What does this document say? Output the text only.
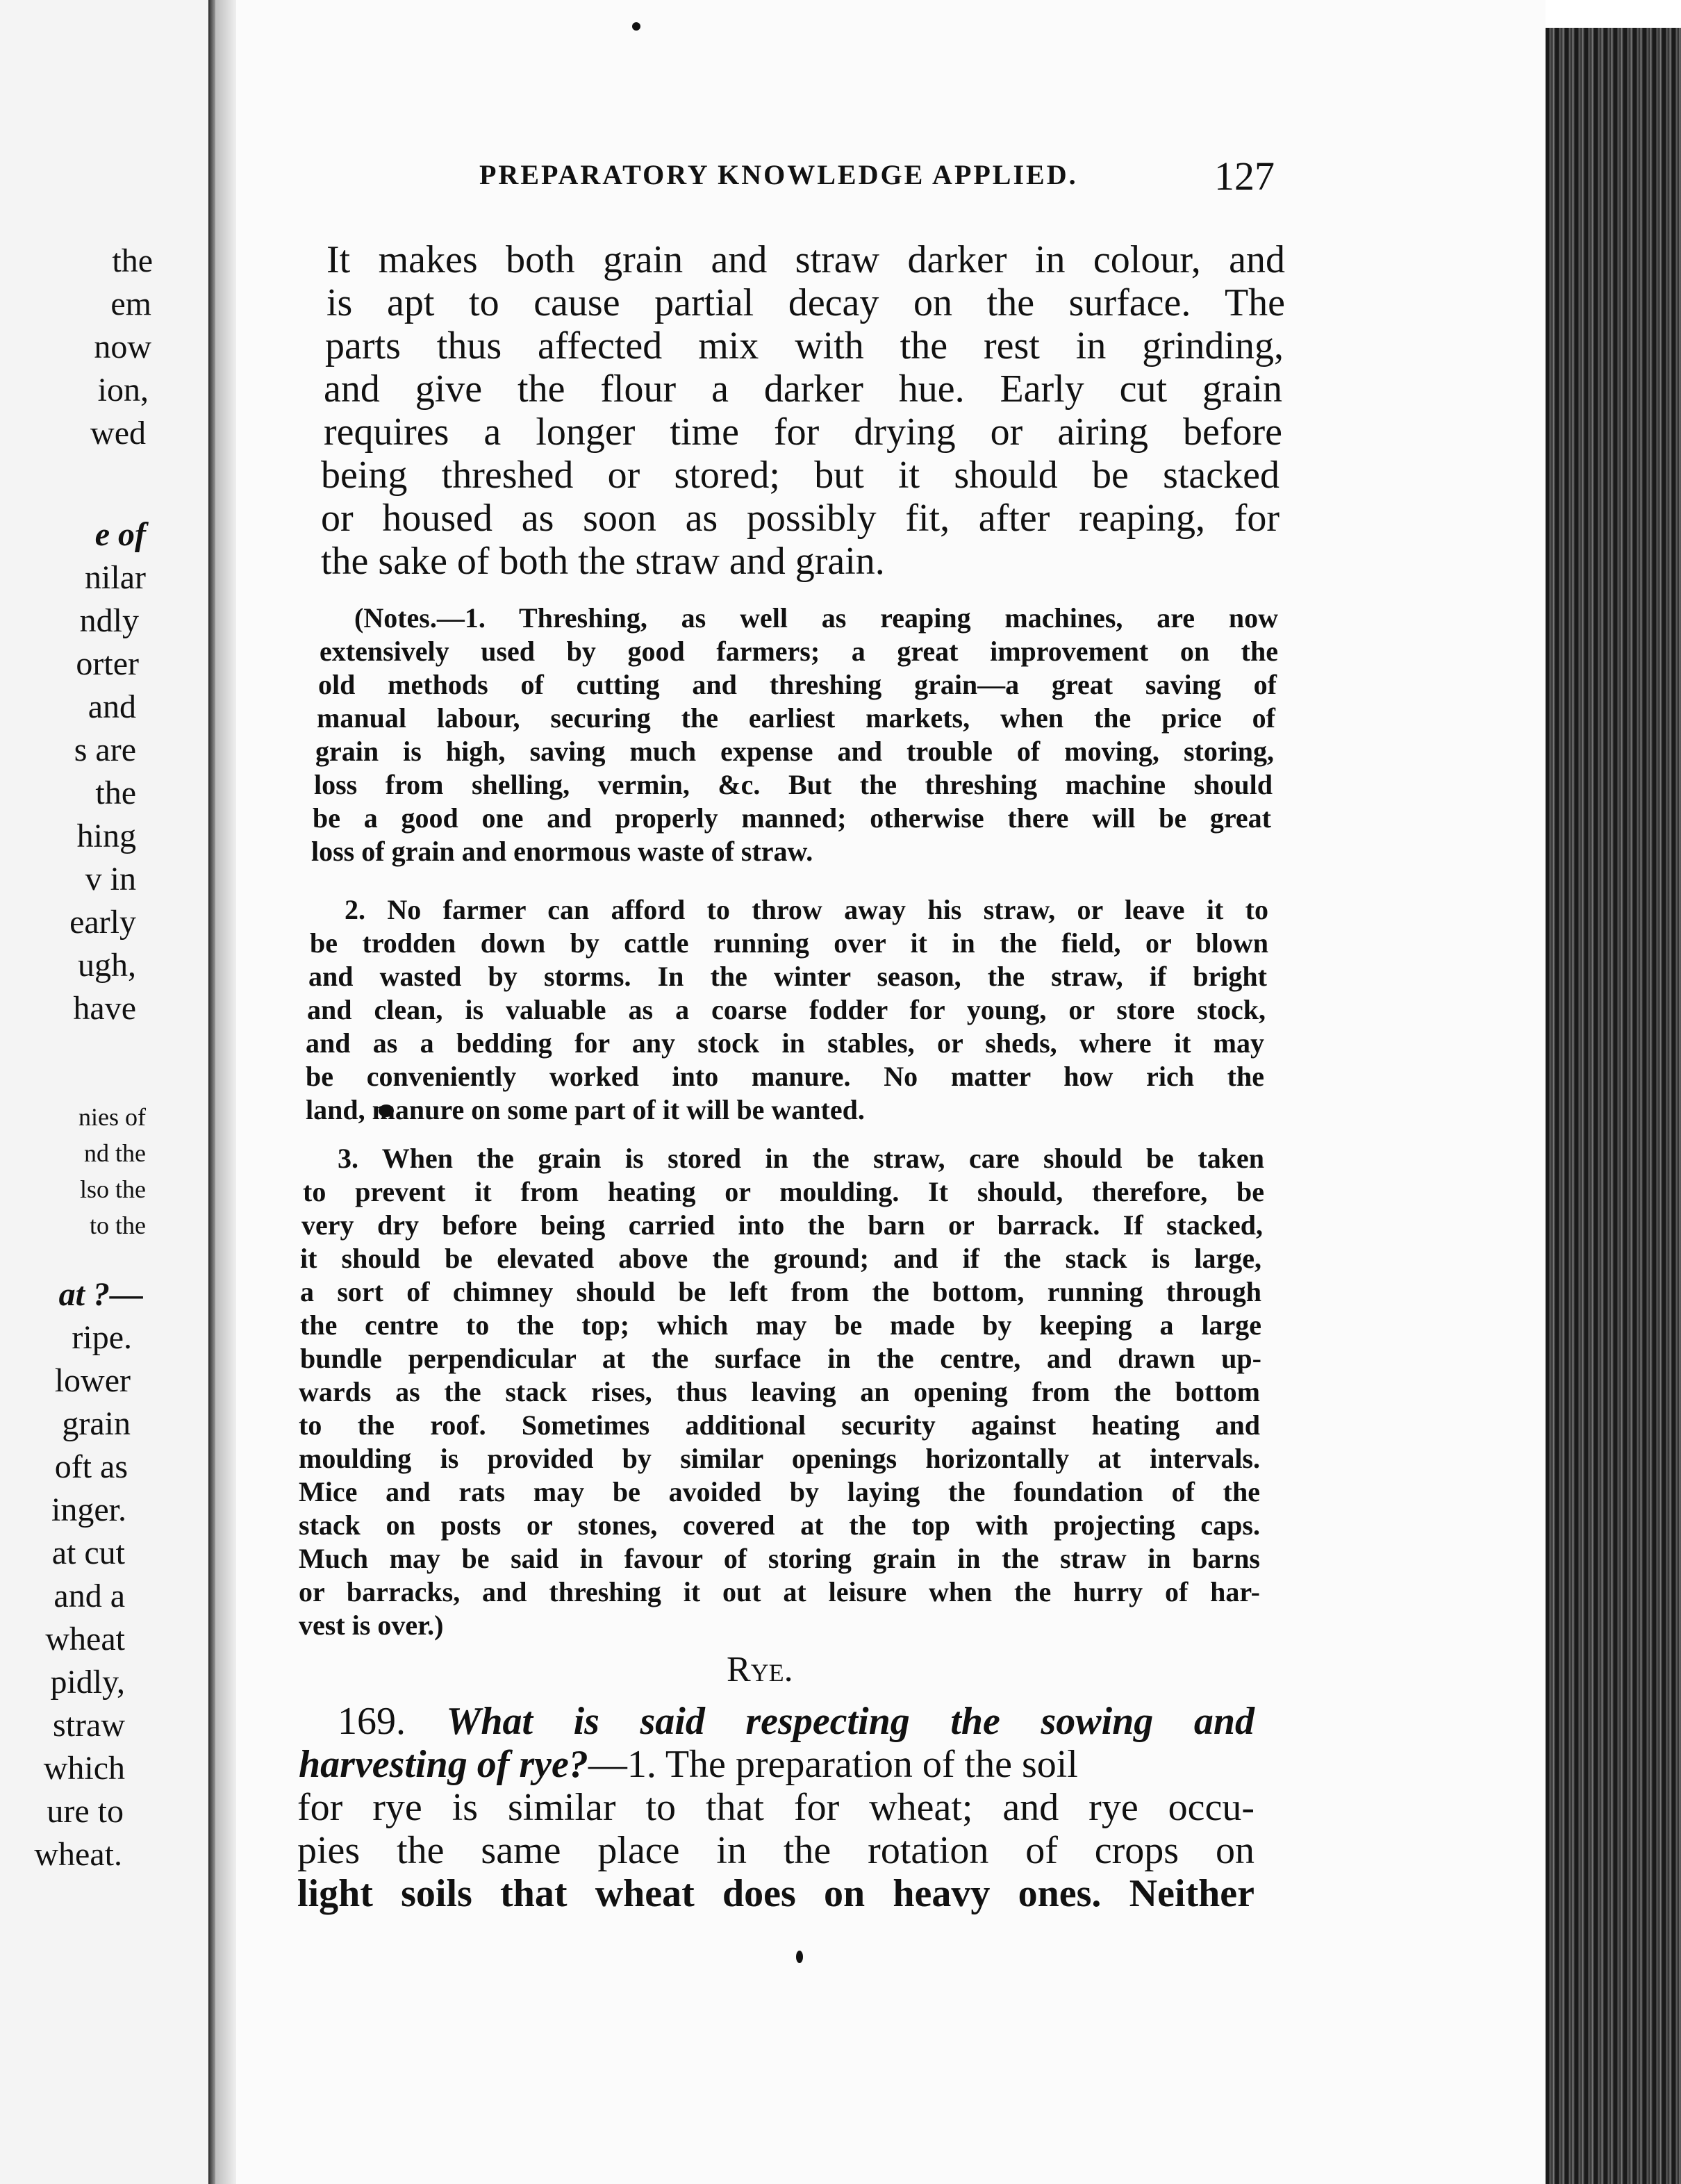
the
em
now
ion,
wed
e of
nilar
ndly
orter
and
s are
the
hing
v in
early
ugh,
have
nies of
nd the
lso the
to the
at ?—
ripe.
lower
grain
oft as
inger.
at cut
and a
wheat
pidly,
straw
which
ure to
wheat.
PREPARATORY KNOWLEDGE APPLIED.	127
It makes both grain and straw darker in colour, and
is apt to cause partial decay on the surface. The
parts thus affected mix with the rest in grinding,
and give the flour a darker hue. Early cut grain
requires a longer time for drying or airing before
being threshed or stored; but it should be stacked
or housed as soon as possibly fit, after reaping, for
the sake of both the straw and grain.
(Notes.—1. Threshing, as well as reaping machines, are now
extensively used by good farmers; a great improvement on the
old methods of cutting and threshing grain—a great saving of
manual labour, securing the earliest markets, when the price of
grain is high, saving much expense and trouble of moving, storing,
loss from shelling, vermin, &c. But the threshing machine should
be a good one and properly manned; otherwise there will be great
loss of grain and enormous waste of straw.
2. No farmer can afford to throw away his straw, or leave it to
be trodden down by cattle running over it in the field, or blown
and wasted by storms. In the winter season, the straw, if bright
and clean, is valuable as a coarse fodder for young, or store stock,
and as a bedding for any stock in stables, or sheds, where it may
be conveniently worked into manure. No matter how rich the
land, manure on some part of it will be wanted.
3. When the grain is stored in the straw, care should be taken
to prevent it from heating or moulding. It should, therefore, be
very dry before being carried into the barn or barrack. If stacked,
it should be elevated above the ground; and if the stack is large,
a sort of chimney should be left from the bottom, running through
the centre to the top; which may be made by keeping a large
bundle perpendicular at the surface in the centre, and drawn up-
wards as the stack rises, thus leaving an opening from the bottom
to the roof. Sometimes additional security against heating and
moulding is provided by similar openings horizontally at intervals.
Mice and rats may be avoided by laying the foundation of the
stack on posts or stones, covered at the top with projecting caps.
Much may be said in favour of storing grain in the straw in barns
or barracks, and threshing it out at leisure when the hurry of har-
vest is over.)
Rye.
169. What is said respecting the sowing and
harvesting of rye?—1. The preparation of the soil
for rye is similar to that for wheat; and rye occu-
pies the same place in the rotation of crops on
light soils that wheat does on heavy ones. Neither
